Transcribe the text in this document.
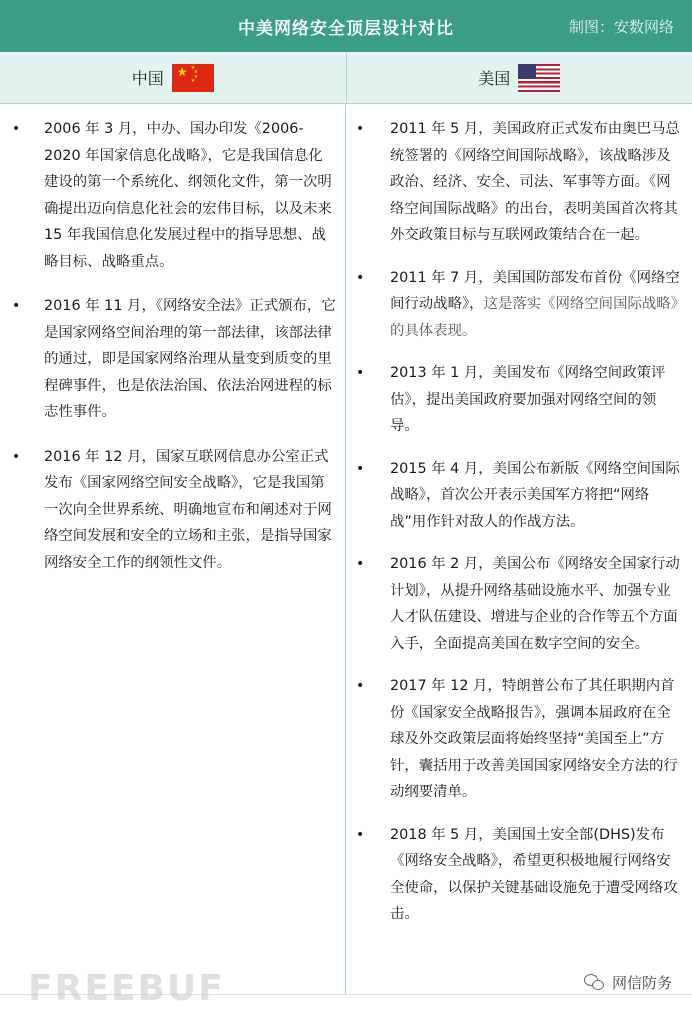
中美网络安全顶层设计对比	制图：安数网络
中国 ★ ★
★
★
★	美国
• 2006 年 3 月，中办、国办印发《2006-2020 年国家信息化战略》，它是我国信息化建设的第一个系统化、纲领化文件，第一次明确提出迈向信息化社会的宏伟目标，以及未来 15 年我国信息化发展过程中的指导思想、战略目标、战略重点。
• 2016 年 11 月，《网络安全法》正式颁布，它是国家网络空间治理的第一部法律，该部法律的通过，即是国家网络治理从量变到质变的里程碑事件，也是依法治国、依法治网进程的标志性事件。
• 2016 年 12 月，国家互联网信息办公室正式发布《国家网络空间安全战略》，它是我国第一次向全世界系统、明确地宣布和阐述对于网络空间发展和安全的立场和主张，是指导国家网络安全工作的纲领性文件。
• 2011 年 5 月，美国政府正式发布由奥巴马总统签署的《网络空间国际战略》，该战略涉及政治、经济、安全、司法、军事等方面。《网络空间国际战略》的出台，表明美国首次将其外交政策目标与互联网政策结合在一起。
• 2011 年 7 月，美国国防部发布首份《网络空间行动战略》，这是落实《网络空间国际战略》的具体表现。
• 2013 年 1 月，美国发布《网络空间政策评估》，提出美国政府要加强对网络空间的领导。
• 2015 年 4 月，美国公布新版《网络空间国际战略》，首次公开表示美国军方将把“网络战”用作针对敌人的作战方法。
• 2016 年 2 月，美国公布《网络安全国家行动计划》，从提升网络基础设施水平、加强专业人才队伍建设、增进与企业的合作等五个方面入手，全面提高美国在数字空间的安全。
• 2017 年 12 月，特朗普公布了其任职期内首份《国家安全战略报告》，强调本届政府在全球及外交政策层面将始终坚持“美国至上”方针，囊括用于改善美国国家网络安全方法的行动纲要清单。
• 2018 年 5 月，美国国土安全部(DHS)发布《网络安全战略》，希望更积极地履行网络安全使命，以保护关键基础设施免于遭受网络攻击。
FREEBUF	网信防务
